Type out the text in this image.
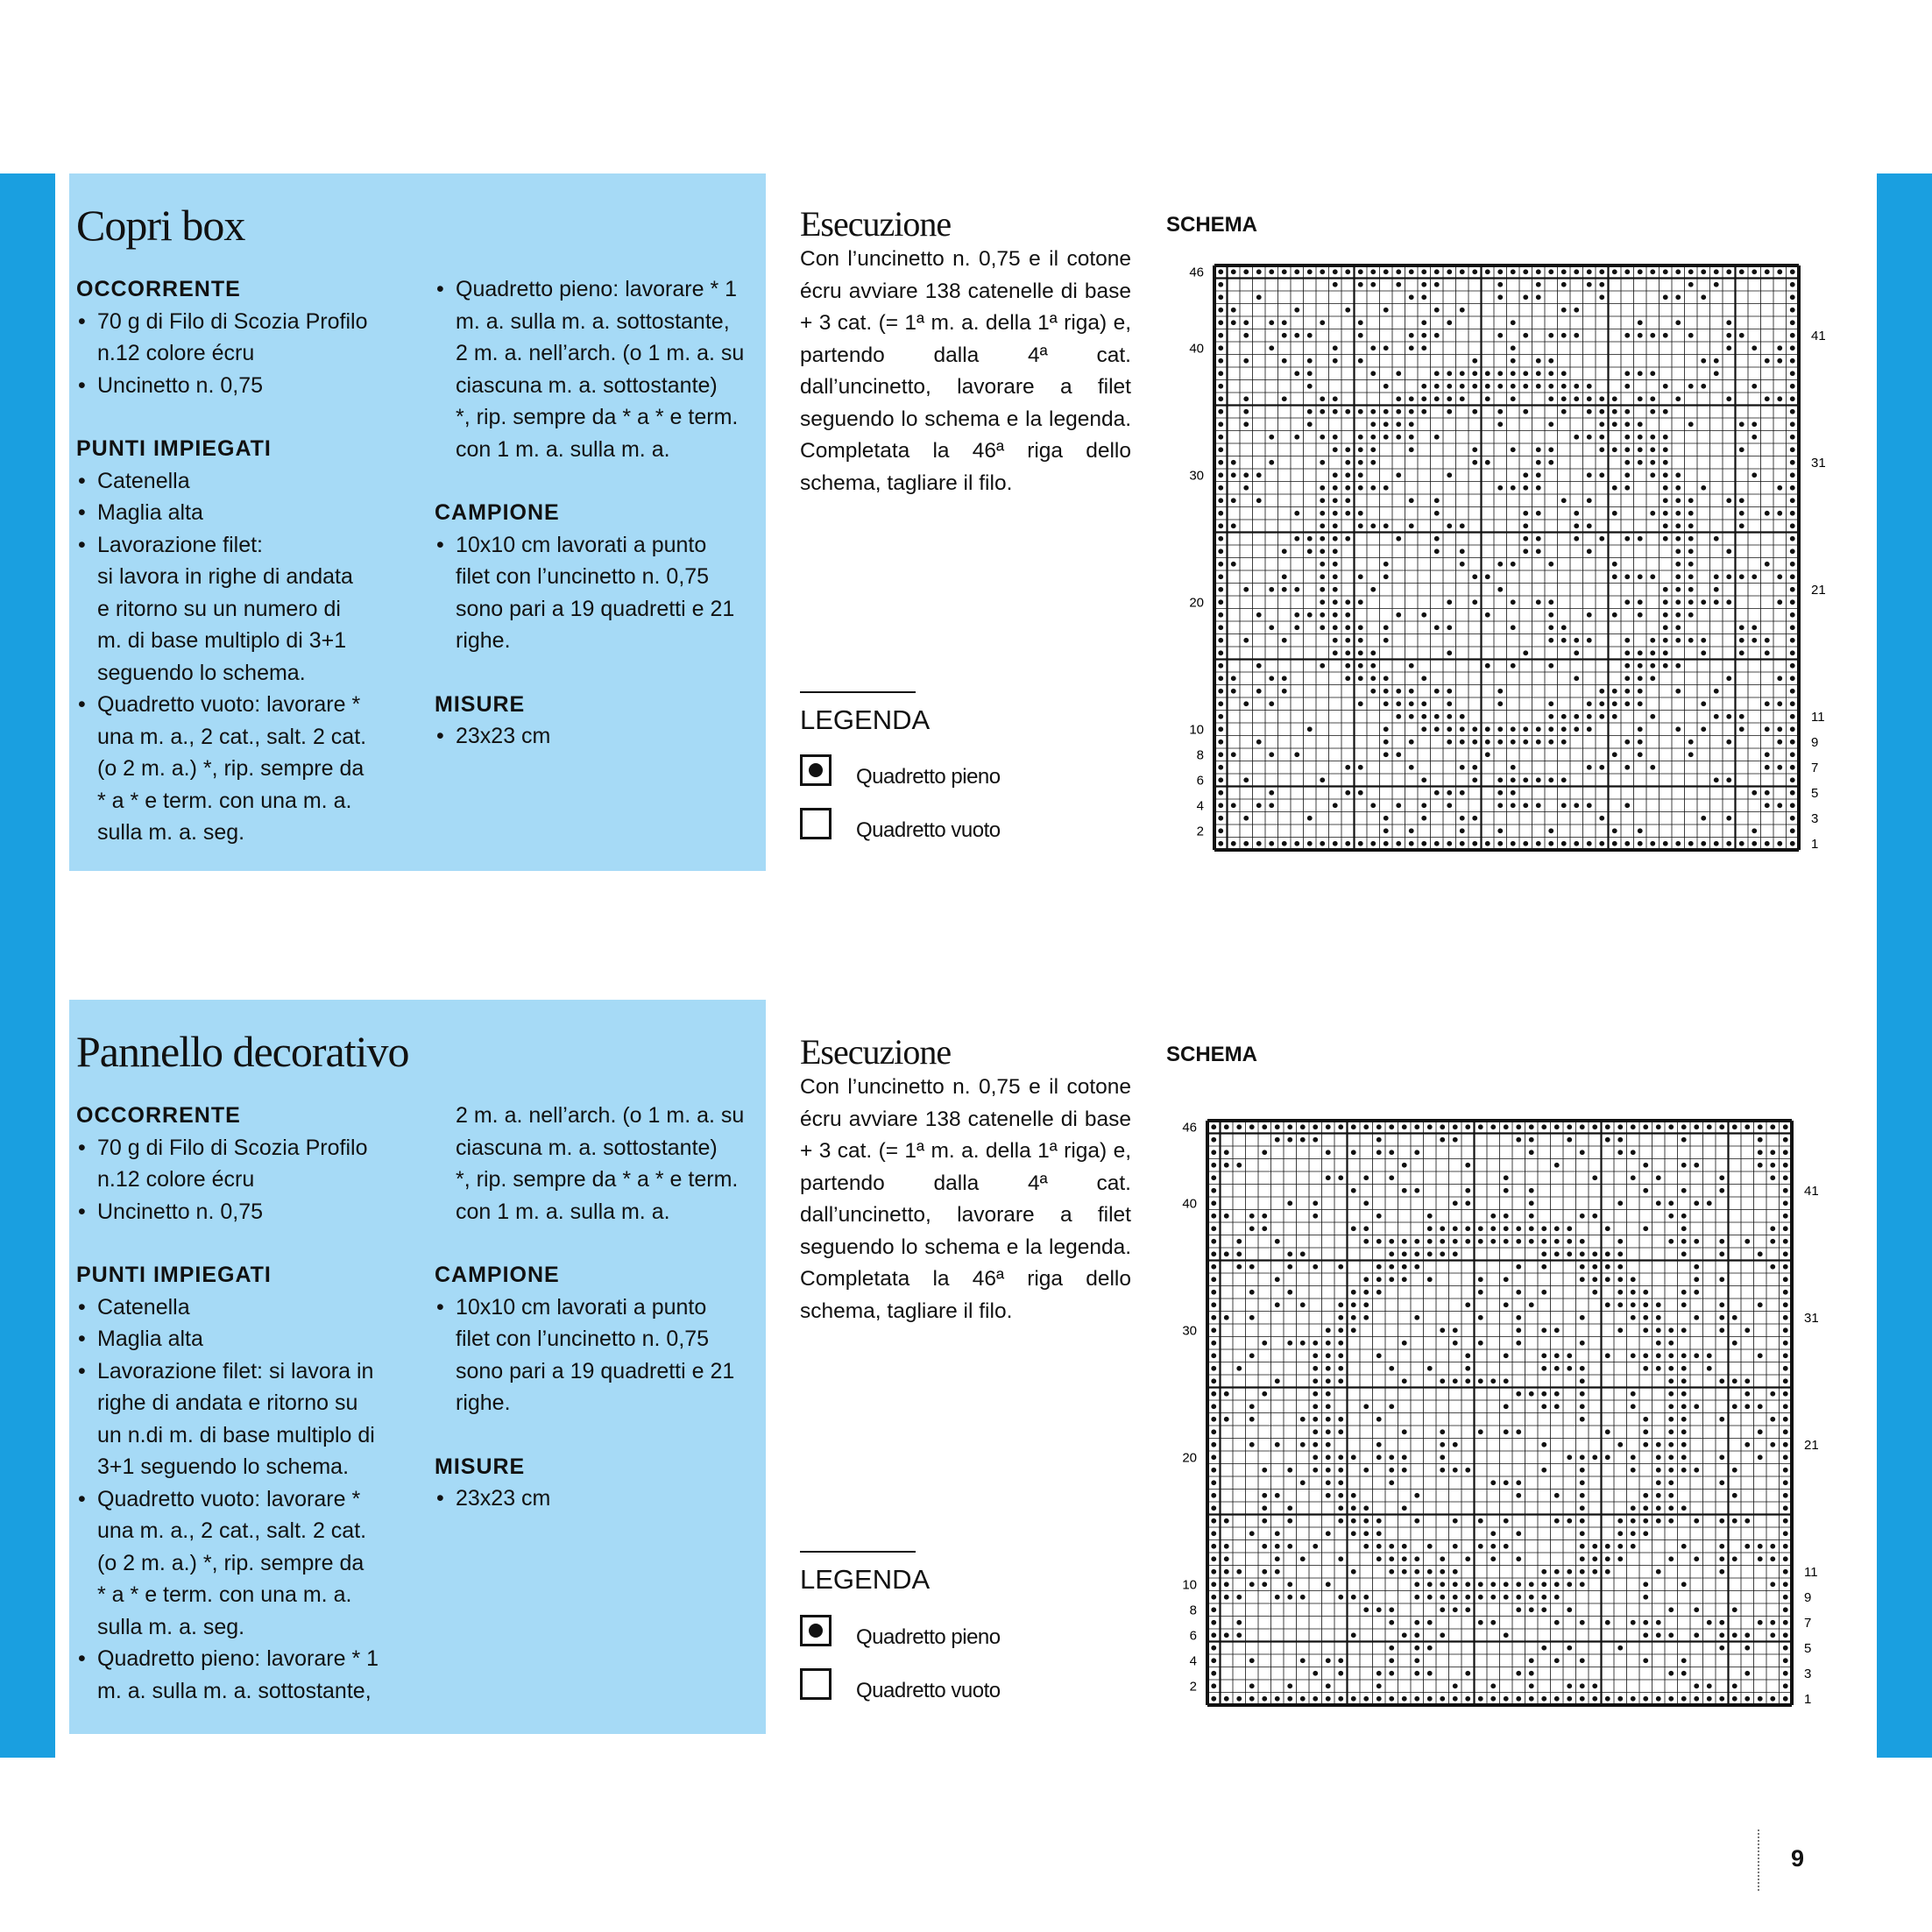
Copri box
OCCORRENTE
• 70 g di Filo di Scozia Profilo
n.12 colore écru
• Uncinetto n. 0,75
PUNTI IMPIEGATI
• Catenella
• Maglia alta
• Lavorazione filet:
si lavora in righe di andata
e ritorno su un numero di
m. di base multiplo di 3+1
seguendo lo schema.
• Quadretto vuoto: lavorare *
una m. a., 2 cat., salt. 2 cat.
(o 2 m. a.) *, rip. sempre da
* a * e term. con una m. a.
sulla m. a. seg.
• Quadretto pieno: lavorare * 1
m. a. sulla m. a. sottostante,
2 m. a. nell’arch. (o 1 m. a. su
ciascuna m. a. sottostante)
*, rip. sempre da * a * e term.
con 1 m. a. sulla m. a.
CAMPIONE
• 10x10 cm lavorati a punto
filet con l’uncinetto n. 0,75
sono pari a 19 quadretti e 21
righe.
MISURE
• 23x23 cm
Esecuzione
Con l’uncinetto n. 0,75 e il cotone écru avviare 138 catenelle di base + 3 cat. (= 1ª m. a. della 1ª riga) e, partendo dalla 4ª cat. dall’uncinetto, lavorare a filet seguendo lo schema e la legenda. Completata la 46ª riga dello schema, tagliare il filo.
SCHEMA
46
40
30
20
10
8
6
4
2
41
31
21
11
9
7
5
3
1
LEGENDA
Quadretto pieno
Quadretto vuoto
Pannello decorativo
OCCORRENTE
• 70 g di Filo di Scozia Profilo
n.12 colore écru
• Uncinetto n. 0,75
PUNTI IMPIEGATI
• Catenella
• Maglia alta
• Lavorazione filet: si lavora in
righe di andata e ritorno su
un n.di m. di base multiplo di
3+1 seguendo lo schema.
• Quadretto vuoto: lavorare *
una m. a., 2 cat., salt. 2 cat.
(o 2 m. a.) *, rip. sempre da
* a * e term. con una m. a.
sulla m. a. seg.
• Quadretto pieno: lavorare * 1
m. a. sulla m. a. sottostante,
2 m. a. nell’arch. (o 1 m. a. su
ciascuna m. a. sottostante)
*, rip. sempre da * a * e term.
con 1 m. a. sulla m. a.
CAMPIONE
• 10x10 cm lavorati a punto
filet con l’uncinetto n. 0,75
sono pari a 19 quadretti e 21
righe.
MISURE
• 23x23 cm
Esecuzione
Con l’uncinetto n. 0,75 e il cotone écru avviare 138 catenelle di base + 3 cat. (= 1ª m. a. della 1ª riga) e, partendo dalla 4ª cat. dall’uncinetto, lavorare a filet seguendo lo schema e la legenda. Completata la 46ª riga dello schema, tagliare il filo.
SCHEMA
46
40
30
20
10
8
6
4
2
41
31
21
11
9
7
5
3
1
LEGENDA
Quadretto pieno
Quadretto vuoto
9
